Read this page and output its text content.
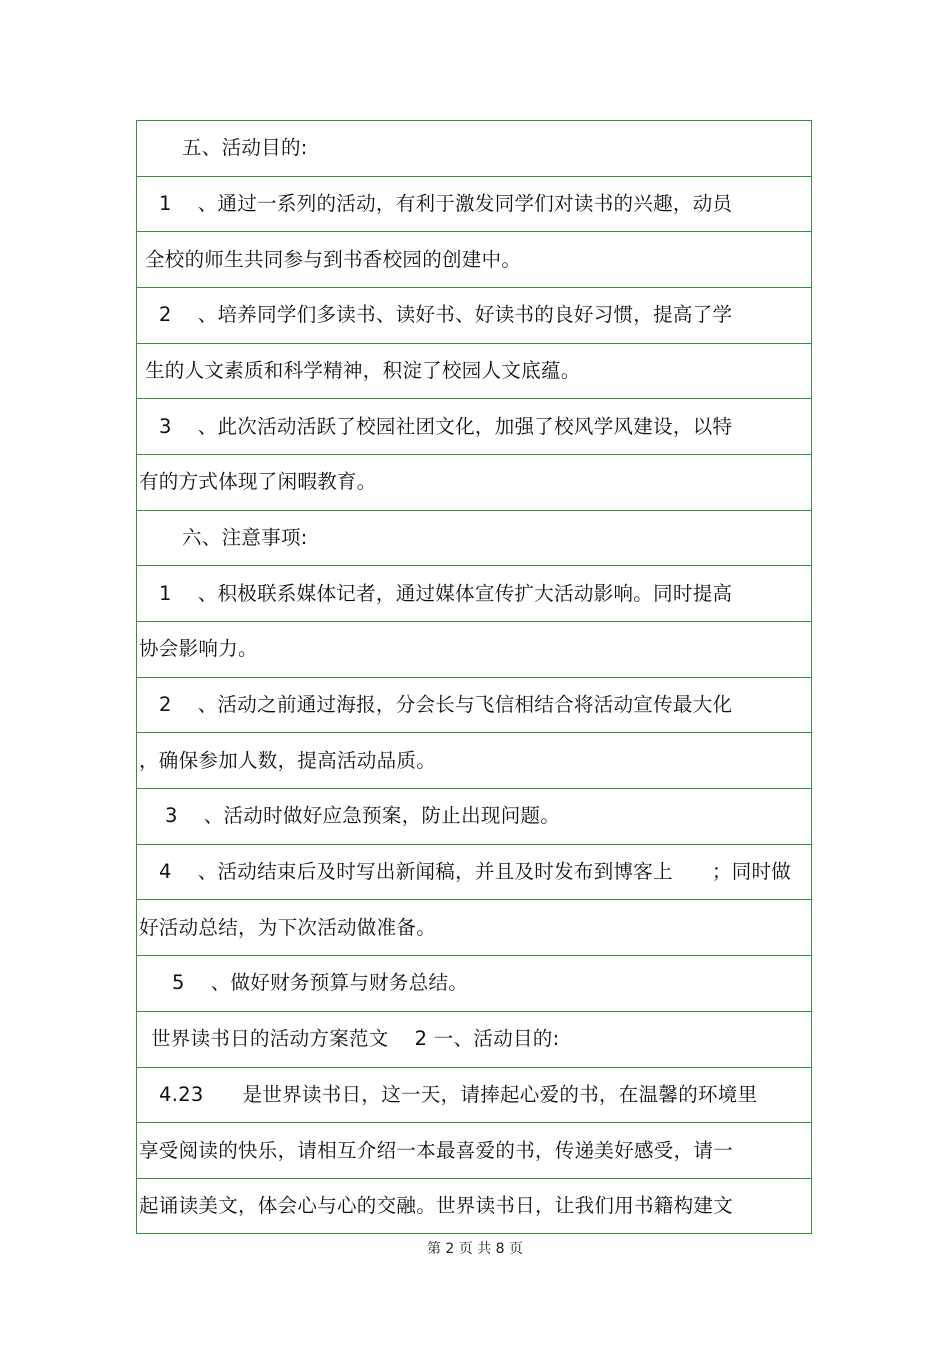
五、活动目的:
1    、通过一系列的活动，有利于激发同学们对读书的兴趣，动员
全校的师生共同参与到书香校园的创建中。
2    、培养同学们多读书、读好书、好读书的良好习惯，提高了学
生的人文素质和科学精神，积淀了校园人文底蕴。
3    、此次活动活跃了校园社团文化，加强了校风学风建设，以特
有的方式体现了闲暇教育。
六、注意事项:
1    、积极联系媒体记者，通过媒体宣传扩大活动影响。同时提高
协会影响力。
2    、活动之前通过海报，分会长与飞信相结合将活动宣传最大化
，确保参加人数，提高活动品质。
3    、活动时做好应急预案，防止出现问题。
4    、活动结束后及时写出新闻稿，并且及时发布到博客上      ；同时做
好活动总结，为下次活动做准备。
5    、做好财务预算与财务总结。
世界读书日的活动方案范文    2 一、活动目的:
4.23      是世界读书日，这一天，请捧起心爱的书，在温馨的环境里
享受阅读的快乐，请相互介绍一本最喜爱的书，传递美好感受，请一
起诵读美文，体会心与心的交融。世界读书日，让我们用书籍构建文
第 2 页 共 8 页
